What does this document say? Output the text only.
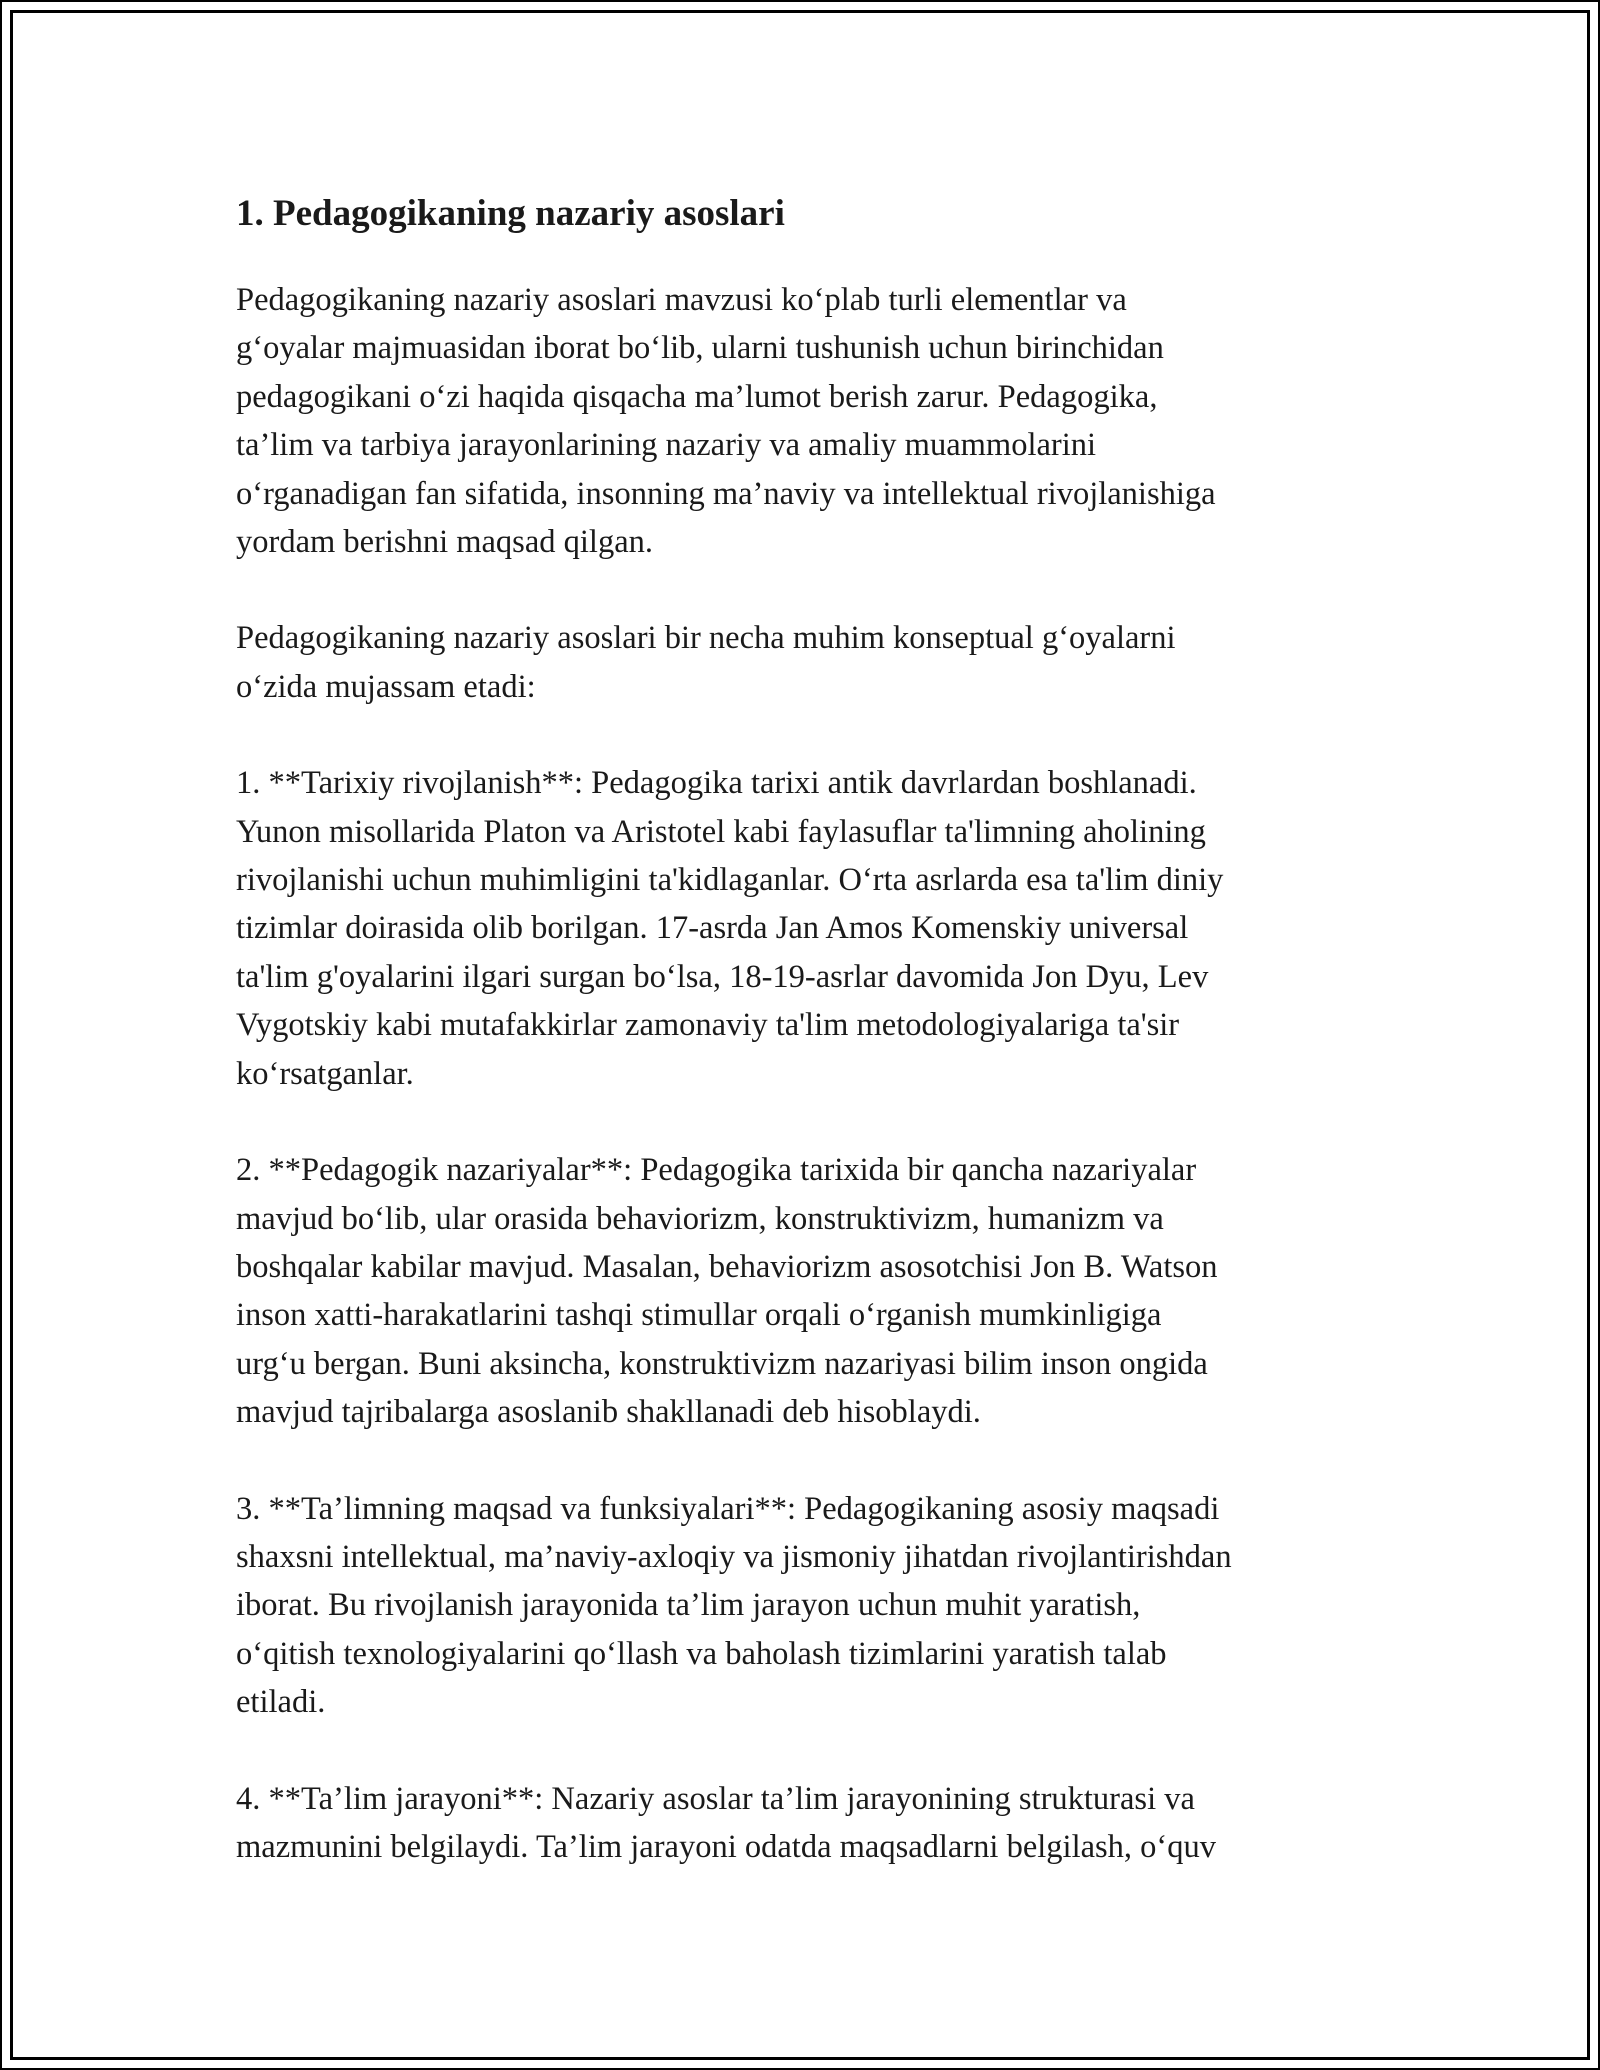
1. Pedagogikaning nazariy asoslari

Pedagogikaning nazariy asoslari mavzusi ko‘plab turli elementlar va
g‘oyalar majmuasidan iborat bo‘lib, ularni tushunish uchun birinchidan
pedagogikani o‘zi haqida qisqacha ma’lumot berish zarur. Pedagogika,
ta’lim va tarbiya jarayonlarining nazariy va amaliy muammolarini
o‘rganadigan fan sifatida, insonning ma’naviy va intellektual rivojlanishiga
yordam berishni maqsad qilgan.

Pedagogikaning nazariy asoslari bir necha muhim konseptual g‘oyalarni
o‘zida mujassam etadi:

1. **Tarixiy rivojlanish**: Pedagogika tarixi antik davrlardan boshlanadi.
Yunon misollarida Platon va Aristotel kabi faylasuflar ta'limning aholining
rivojlanishi uchun muhimligini ta'kidlaganlar. O‘rta asrlarda esa ta'lim diniy
tizimlar doirasida olib borilgan. 17-asrda Jan Amos Komenskiy universal
ta'lim g'oyalarini ilgari surgan bo‘lsa, 18-19-asrlar davomida Jon Dyu, Lev
Vygotskiy kabi mutafakkirlar zamonaviy ta'lim metodologiyalariga ta'sir
ko‘rsatganlar.

2. **Pedagogik nazariyalar**: Pedagogika tarixida bir qancha nazariyalar
mavjud bo‘lib, ular orasida behaviorizm, konstruktivizm, humanizm va
boshqalar kabilar mavjud. Masalan, behaviorizm asosotchisi Jon B. Watson
inson xatti-harakatlarini tashqi stimullar orqali o‘rganish mumkinligiga
urg‘u bergan. Buni aksincha, konstruktivizm nazariyasi bilim inson ongida
mavjud tajribalarga asoslanib shakllanadi deb hisoblaydi.

3. **Ta’limning maqsad va funksiyalari**: Pedagogikaning asosiy maqsadi
shaxsni intellektual, ma’naviy-axloqiy va jismoniy jihatdan rivojlantirishdan
iborat. Bu rivojlanish jarayonida ta’lim jarayon uchun muhit yaratish,
o‘qitish texnologiyalarini qo‘llash va baholash tizimlarini yaratish talab
etiladi.

4. **Ta’lim jarayoni**: Nazariy asoslar ta’lim jarayonining strukturasi va
mazmunini belgilaydi. Ta’lim jarayoni odatda maqsadlarni belgilash, o‘quv
